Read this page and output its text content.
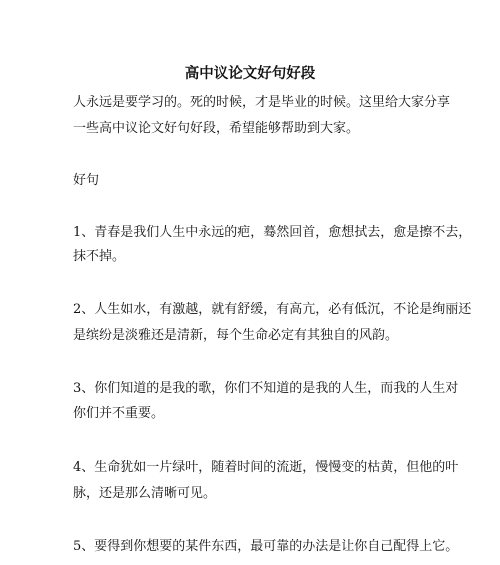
高中议论文好句好段

人永远是要学习的。死的时候，才是毕业的时候。这里给大家分享

一些高中议论文好句好段，希望能够帮助到大家。

好句

1、青春是我们人生中永远的疤，蓦然回首，愈想拭去，愈是擦不去，

抹不掉。

2、人生如水，有激越，就有舒缓，有高亢，必有低沉，不论是绚丽还

是缤纷是淡雅还是清新，每个生命必定有其独自的风韵。

3、你们知道的是我的歌，你们不知道的是我的人生，而我的人生对

你们并不重要。

4、生命犹如一片绿叶，随着时间的流逝，慢慢变的枯黄，但他的叶

脉，还是那么清晰可见。

5、要得到你想要的某件东西，最可靠的办法是让你自己配得上它。
